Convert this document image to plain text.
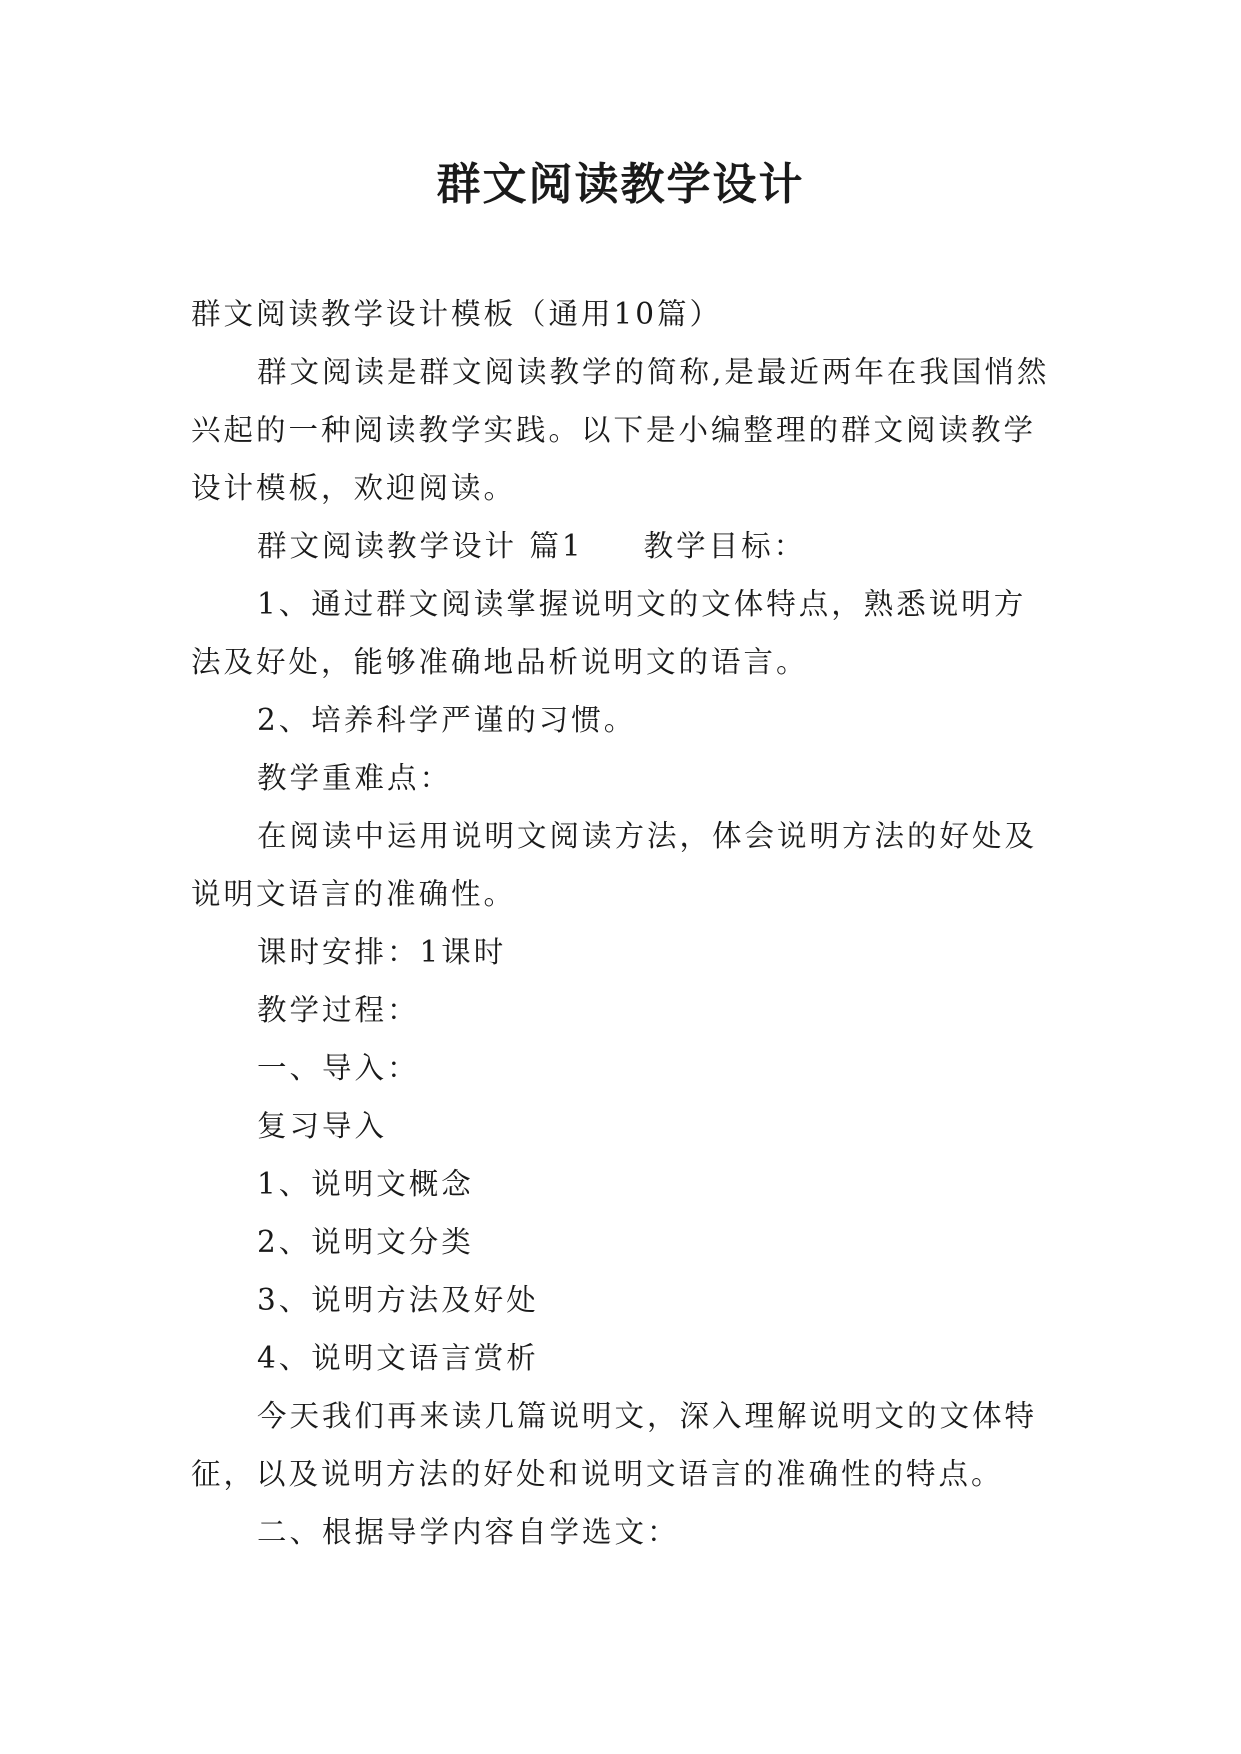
群文阅读教学设计

群文阅读教学设计模板（通用10篇）

群文阅读是群文阅读教学的简称,是最近两年在我国悄然兴起的一种阅读教学实践。以下是小编整理的群文阅读教学设计模板，欢迎阅读。

群文阅读教学设计 篇1 教学目标：

1、通过群文阅读掌握说明文的文体特点，熟悉说明方法及好处，能够准确地品析说明文的语言。

2、培养科学严谨的习惯。

教学重难点：

在阅读中运用说明文阅读方法，体会说明方法的好处及说明文语言的准确性。

课时安排：1课时

教学过程：

一、导入：

复习导入

1、说明文概念

2、说明文分类

3、说明方法及好处

4、说明文语言赏析

今天我们再来读几篇说明文，深入理解说明文的文体特征，以及说明方法的好处和说明文语言的准确性的特点。

二、根据导学内容自学选文：
